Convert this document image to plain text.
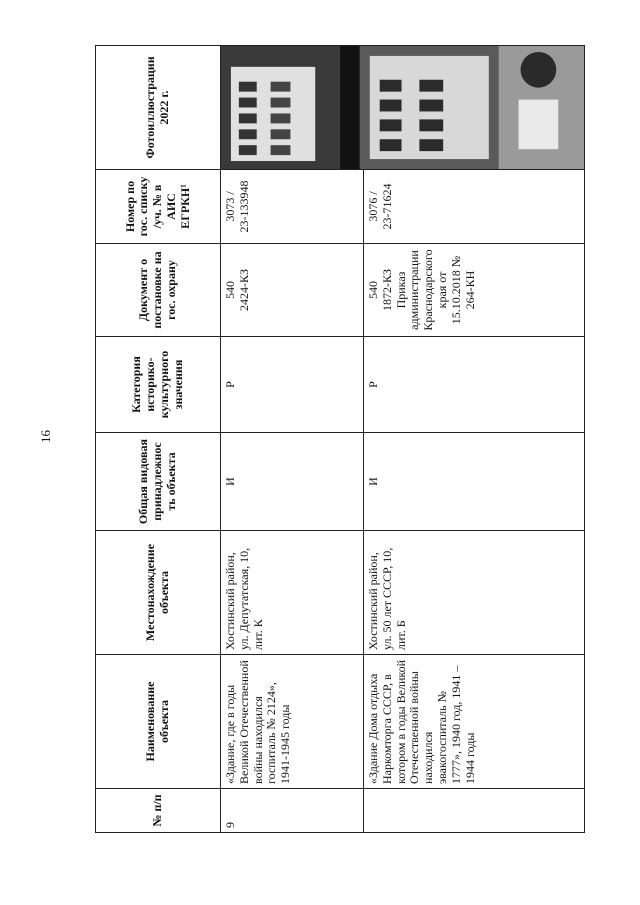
16
№ п/п	Наименование объекта	Местонахождение объекта	Общая видовая принадлежнос ть объекта	Категория историко- культурного значения	Документ о постановке на гос. охрану	Номер по гос. списку /уч. № в АИС ЕГРКН¹	Фотоиллюстрации 2022 г.
9	«Здание, где в годы Великой Отечественной войны находился госпиталь № 2124», 1941-1945 годы	Хостинский район, ул. Депутатская, 10, лит. К	И	Р	540 2424-КЗ	3073 / 23-133948

	«Здание Дома отдыха Наркомторга СССР, в котором в годы Великой Отечественной войны находился эвакогоспиталь № 1777», 1940 год, 1941 – 1944 годы	Хостинский район, ул. 50 лет СССР, 10, лит. Б	И	Р	540 1872-КЗ Приказ администрации Краснодарского края от 15.10.2018 № 264-КН	3076 / 23-71624	
